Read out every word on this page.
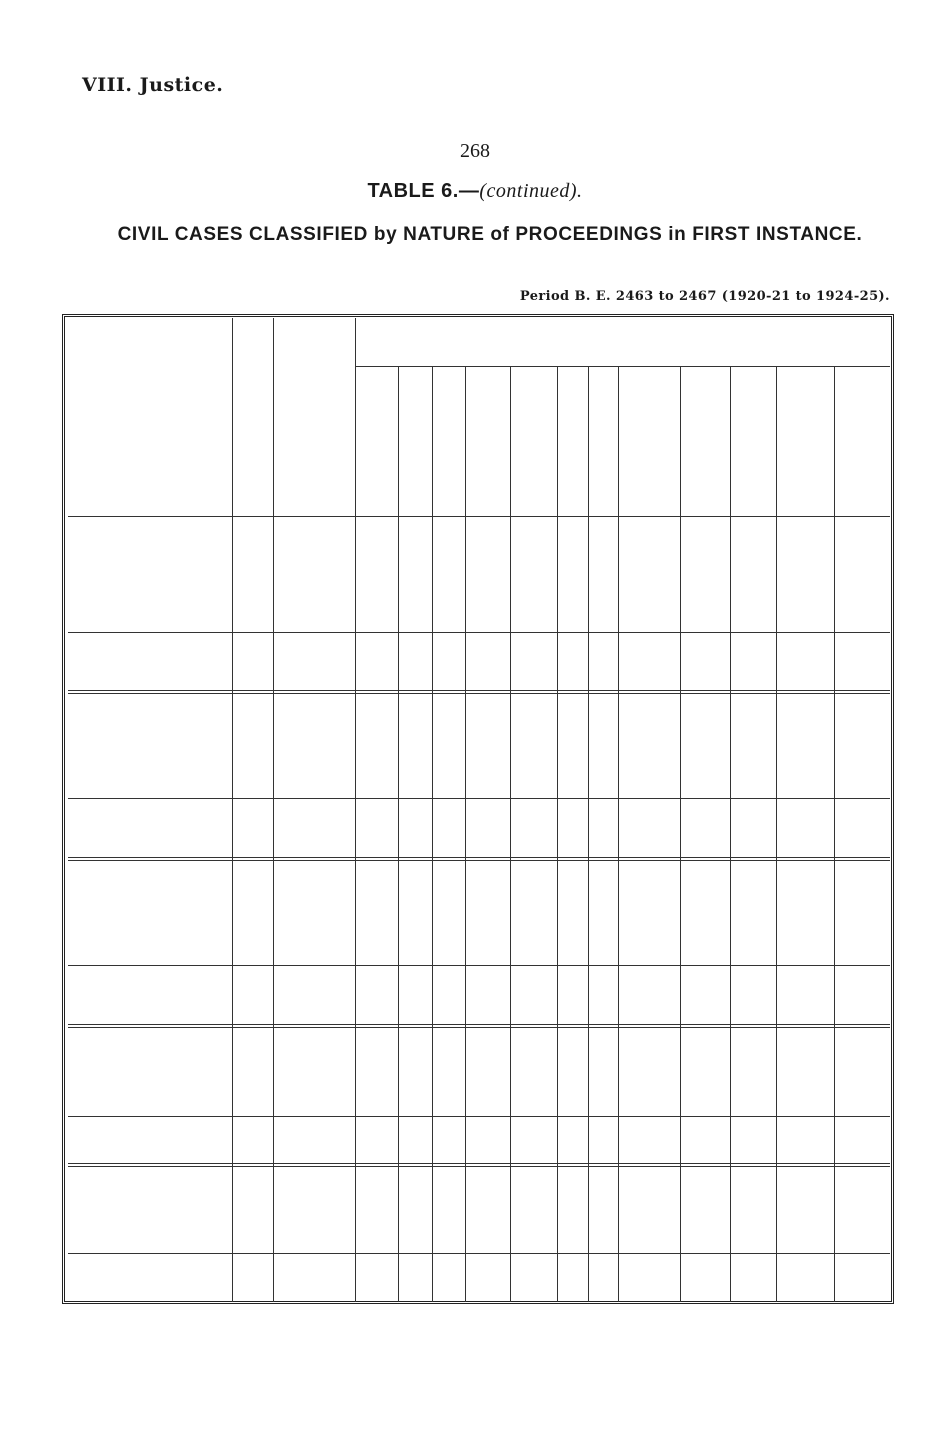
VIII. Justice.
268
TABLE 6.—(continued).
CIVIL CASES CLASSIFIED by NATURE of PROCEEDINGS in FIRST INSTANCE.
Period B. E. 2463 to 2467 (1920-21 to 1924-25).
